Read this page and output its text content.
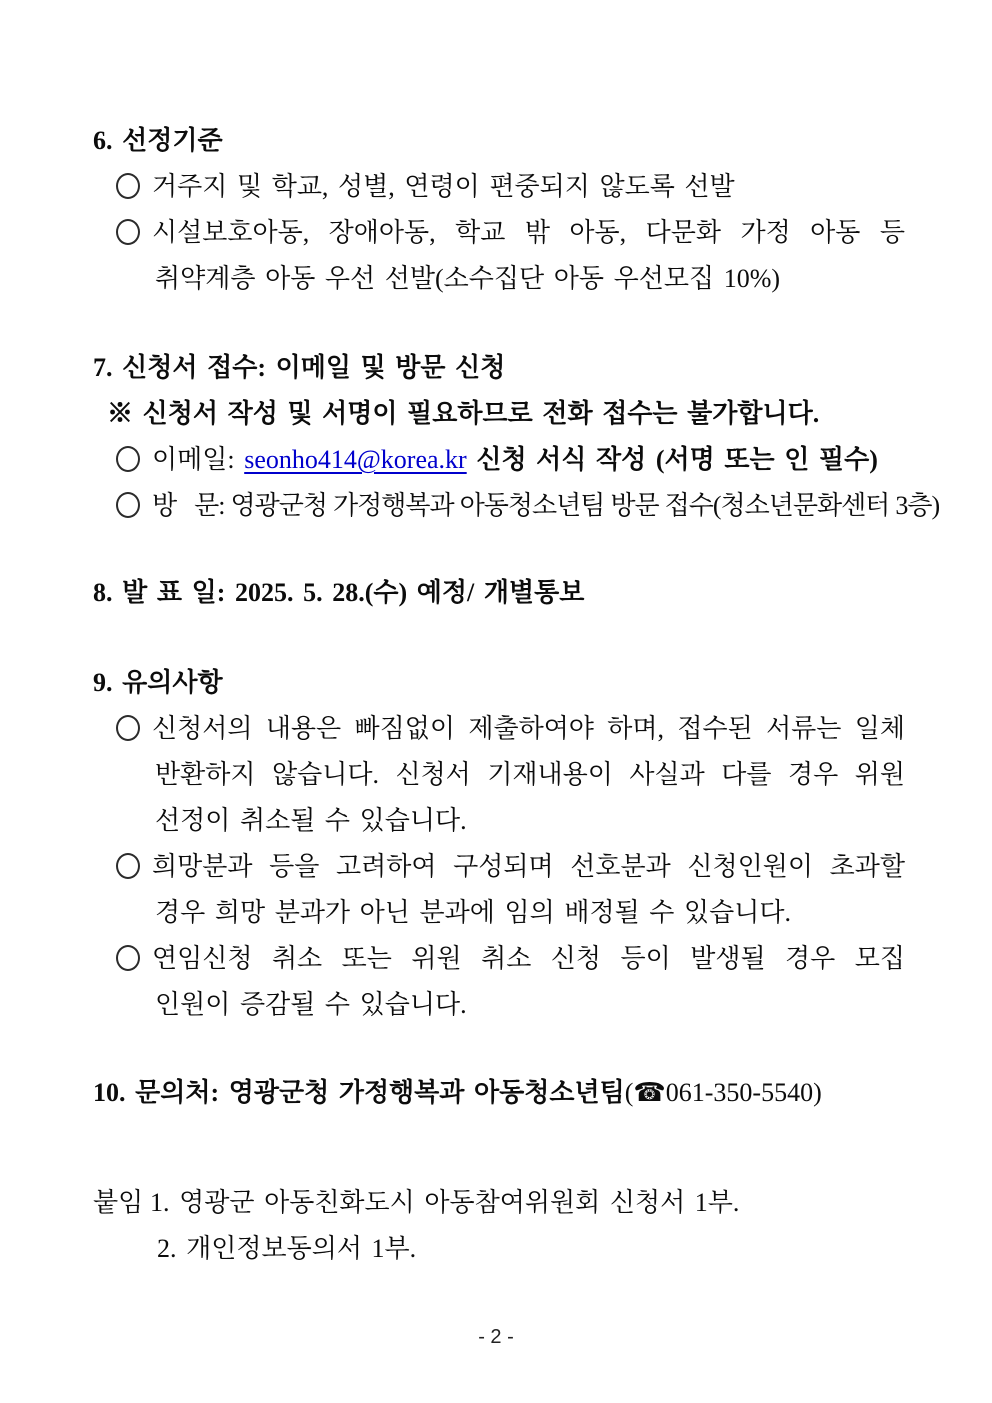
6. 선정기준
거주지 및 학교, 성별, 연령이 편중되지 않도록 선발
시설보호아동, 장애아동, 학교 밖 아동, 다문화 가정 아동 등
취약계층 아동 우선 선발(소수집단 아동 우선모집 10%)
7. 신청서 접수: 이메일 및 방문 신청
※ 신청서 작성 및 서명이 필요하므로 전화 접수는 불가합니다.
이메일: seonho414@korea.kr 신청 서식 작성 (서명 또는 인 필수)
방   문: 영광군청 가정행복과 아동청소년팀 방문 접수(청소년문화센터 3층)
8. 발 표 일: 2025. 5. 28.(수) 예정/ 개별통보
9. 유의사항
신청서의 내용은 빠짐없이 제출하여야 하며, 접수된 서류는 일체
반환하지 않습니다. 신청서 기재내용이 사실과 다를 경우 위원
선정이 취소될 수 있습니다.
희망분과 등을 고려하여 구성되며 선호분과 신청인원이 초과할
경우 희망 분과가 아닌 분과에 임의 배정될 수 있습니다.
연임신청 취소 또는 위원 취소 신청 등이 발생될 경우 모집
인원이 증감될 수 있습니다.
10. 문의처: 영광군청 가정행복과 아동청소년팀(☎061-350-5540)
붙임 1. 영광군 아동친화도시 아동참여위원회 신청서 1부.
2. 개인정보동의서 1부.
- 2 -
